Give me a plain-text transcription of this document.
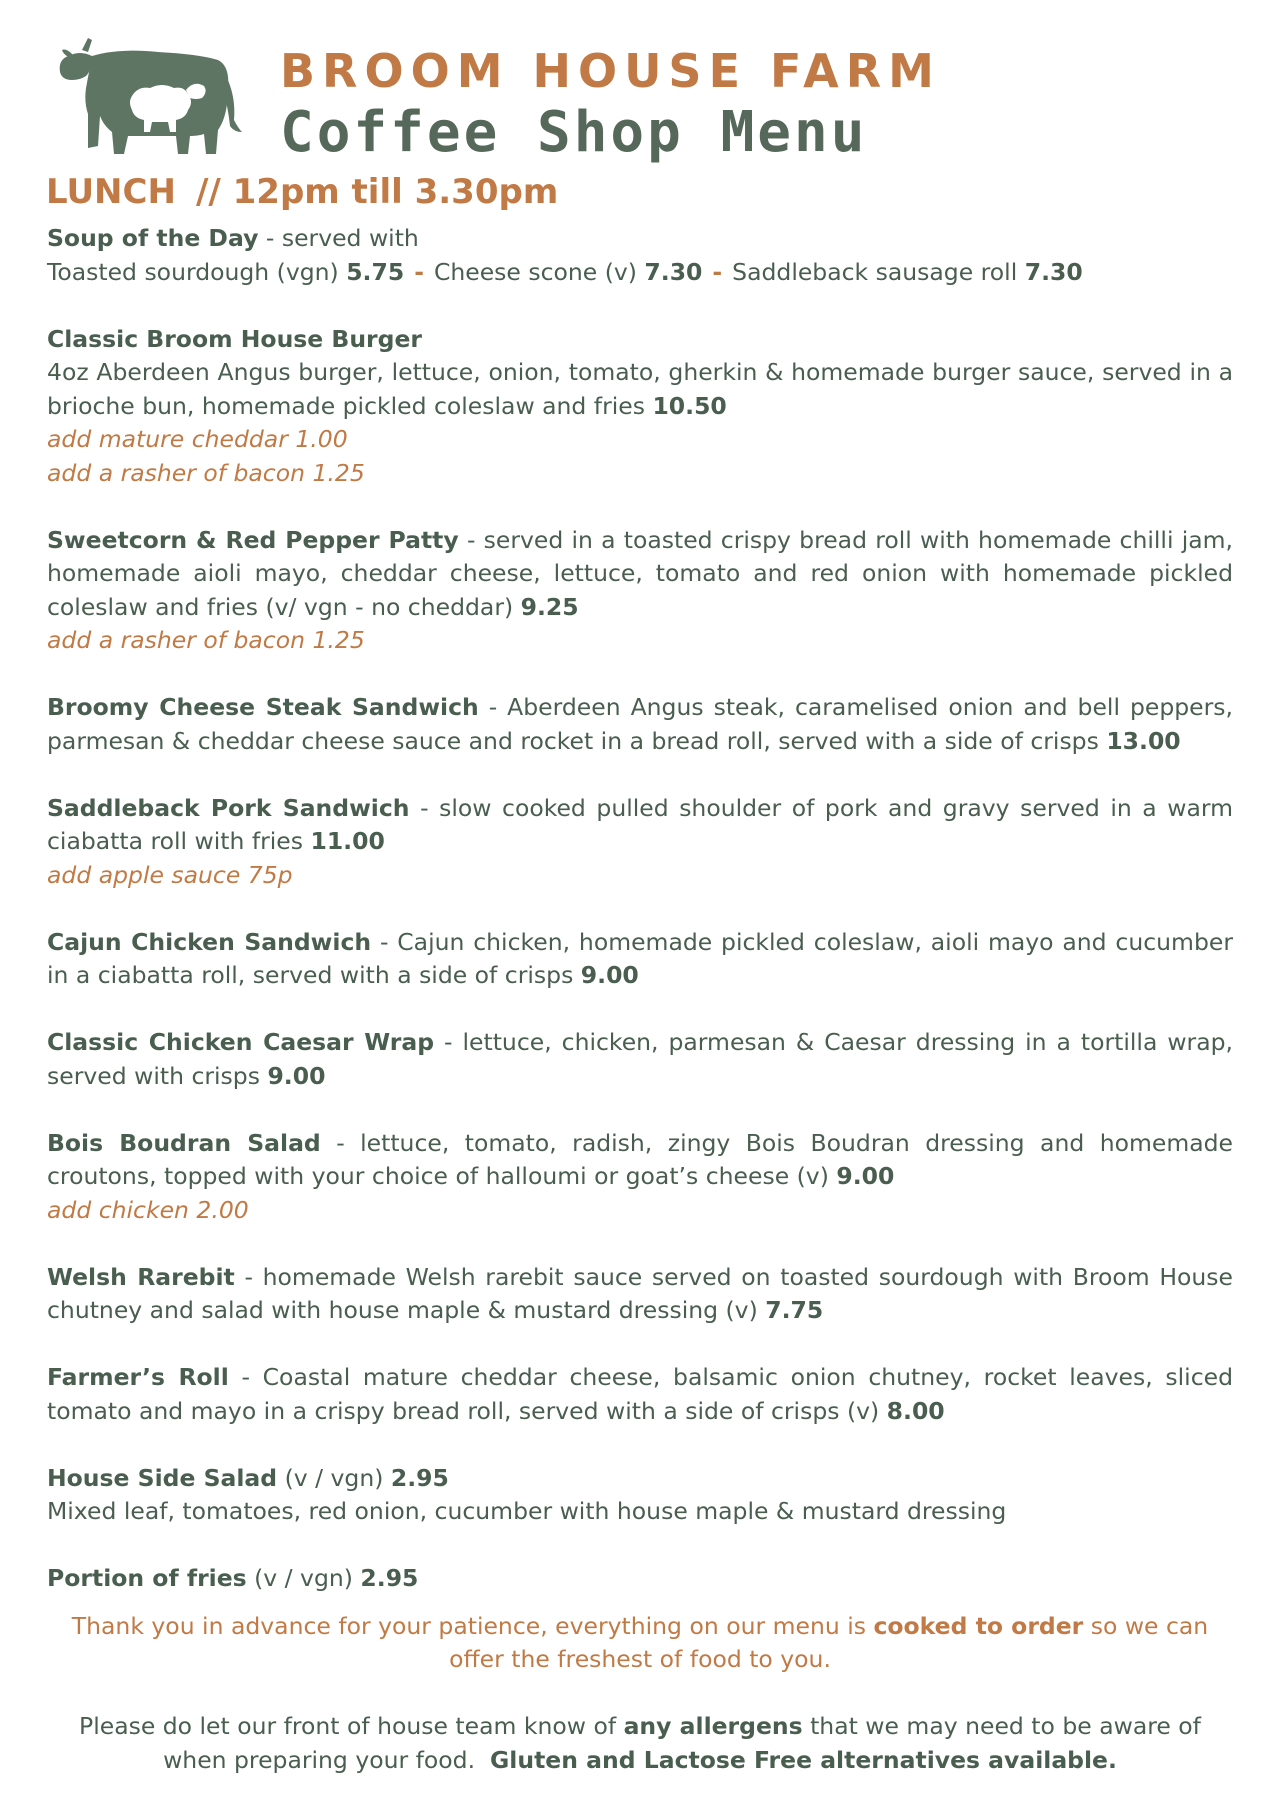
BROOM HOUSE FARM
Coffee Shop Menu
LUNCH // 12pm till 3.30pm

Soup of the Day - served with

Toasted sourdough (vgn) 5.75 - Cheese scone (v) 7.30 - Saddleback sausage roll 7.30

Classic Broom House Burger

4oz Aberdeen Angus burger, lettuce, onion, tomato, gherkin & homemade burger sauce, served in a brioche bun, homemade pickled coleslaw and fries 10.50

add mature cheddar 1.00

add a rasher of bacon 1.25

Sweetcorn & Red Pepper Patty - served in a toasted crispy bread roll with homemade chilli jam, homemade aioli mayo, cheddar cheese, lettuce, tomato and red onion with homemade pickled coleslaw and fries (v/ vgn - no cheddar) 9.25

add a rasher of bacon 1.25

Broomy Cheese Steak Sandwich - Aberdeen Angus steak, caramelised onion and bell peppers, parmesan & cheddar cheese sauce and rocket in a bread roll, served with a side of crisps 13.00

Saddleback Pork Sandwich - slow cooked pulled shoulder of pork and gravy served in a warm ciabatta roll with fries 11.00

add apple sauce 75p

Cajun Chicken Sandwich - Cajun chicken, homemade pickled coleslaw, aioli mayo and cucumber in a ciabatta roll, served with a side of crisps 9.00

Classic Chicken Caesar Wrap - lettuce, chicken, parmesan & Caesar dressing in a tortilla wrap, served with crisps 9.00

Bois Boudran Salad - lettuce, tomato, radish, zingy Bois Boudran dressing and homemade croutons, topped with your choice of halloumi or goat’s cheese (v) 9.00

add chicken 2.00

Welsh Rarebit - homemade Welsh rarebit sauce served on toasted sourdough with Broom House chutney and salad with house maple & mustard dressing (v) 7.75

Farmer’s Roll - Coastal mature cheddar cheese, balsamic onion chutney, rocket leaves, sliced tomato and mayo in a crispy bread roll, served with a side of crisps (v) 8.00

House Side Salad (v / vgn) 2.95

Mixed leaf, tomatoes, red onion, cucumber with house maple & mustard dressing

Portion of fries (v / vgn) 2.95

Thank you in advance for your patience, everything on our menu is cooked to order so we can offer the freshest of food to you.

Please do let our front of house team know of any allergens that we may need to be aware of when preparing your food.  Gluten and Lactose Free alternatives available.
